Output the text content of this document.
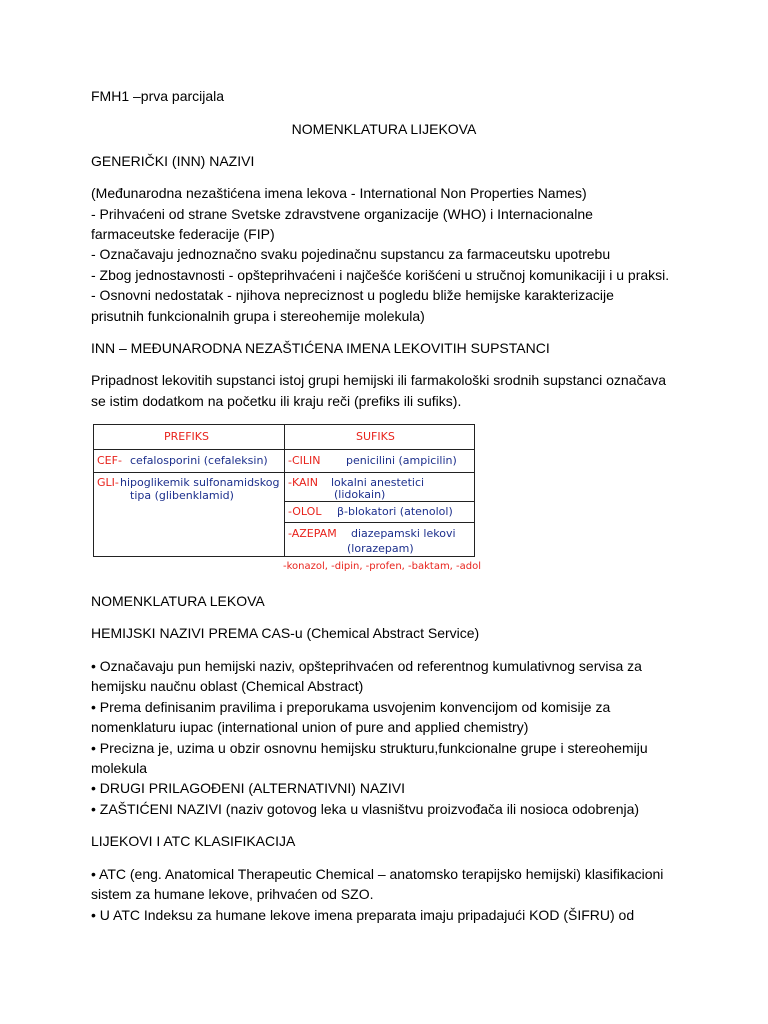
FMH1 –prva parcijala
NOMENKLATURA LIJEKOVA
GENERIČKI (INN) NAZIVI
(Međunarodna nezaštićena imena lekova - International Non Properties Names)
- Prihvaćeni od strane Svetske zdravstvene organizacije (WHO) i Internacionalne
farmaceutske federacije (FIP)
- Označavaju jednoznačno svaku pojedinačnu supstancu za farmaceutsku upotrebu
- Zbog jednostavnosti - opšteprihvaćeni i najčešće korišćeni u stručnoj komunikaciji i u praksi.
- Osnovni nedostatak - njihova nepreciznost u pogledu bliže hemijske karakterizacije
prisutnih funkcionalnih grupa i stereohemije molekula)
INN – MEĐUNARODNA NEZAŠTIĆENA IMENA LEKOVITIH SUPSTANCI
Pripadnost lekovitih supstanci istoj grupi hemijski ili farmakološki srodnih supstanci označava
se istim dodatkom na početku ili kraju reči (prefiks ili sufiks).
PREFIKS	SUFIKS
CEF- cefalosporini (cefaleksin)
GLI- hipoglikemik sulfonamidskog
tipa (glibenklamid)
-CILIN penicilini (ampicilin)
-KAIN lokalni anestetici
(lidokain)
-OLOL β-blokatori (atenolol)
-AZEPAM diazepamski lekovi
(lorazepam)
-konazol, -dipin, -profen, -baktam, -adol
NOMENKLATURA LEKOVA
HEMIJSKI NAZIVI PREMA CAS-u (Chemical Abstract Service)
• Označavaju pun hemijski naziv, opšteprihvaćen od referentnog kumulativnog servisa za
hemijsku naučnu oblast (Chemical Abstract)
• Prema definisanim pravilima i preporukama usvojenim konvencijom od komisije za
nomenklaturu iupac (international union of pure and applied chemistry)
• Precizna je, uzima u obzir osnovnu hemijsku strukturu,funkcionalne grupe i stereohemiju
molekula
• DRUGI PRILAGOĐENI (ALTERNATIVNI) NAZIVI
• ZAŠTIĆENI NAZIVI (naziv gotovog leka u vlasništvu proizvođača ili nosioca odobrenja)
LIJEKOVI I ATC KLASIFIKACIJA
• ATC (eng. Anatomical Therapeutic Chemical – anatomsko terapijsko hemijski) klasifikacioni
sistem za humane lekove, prihvaćen od SZO.
• U ATC Indeksu za humane lekove imena preparata imaju pripadajući KOD (ŠIFRU) od
